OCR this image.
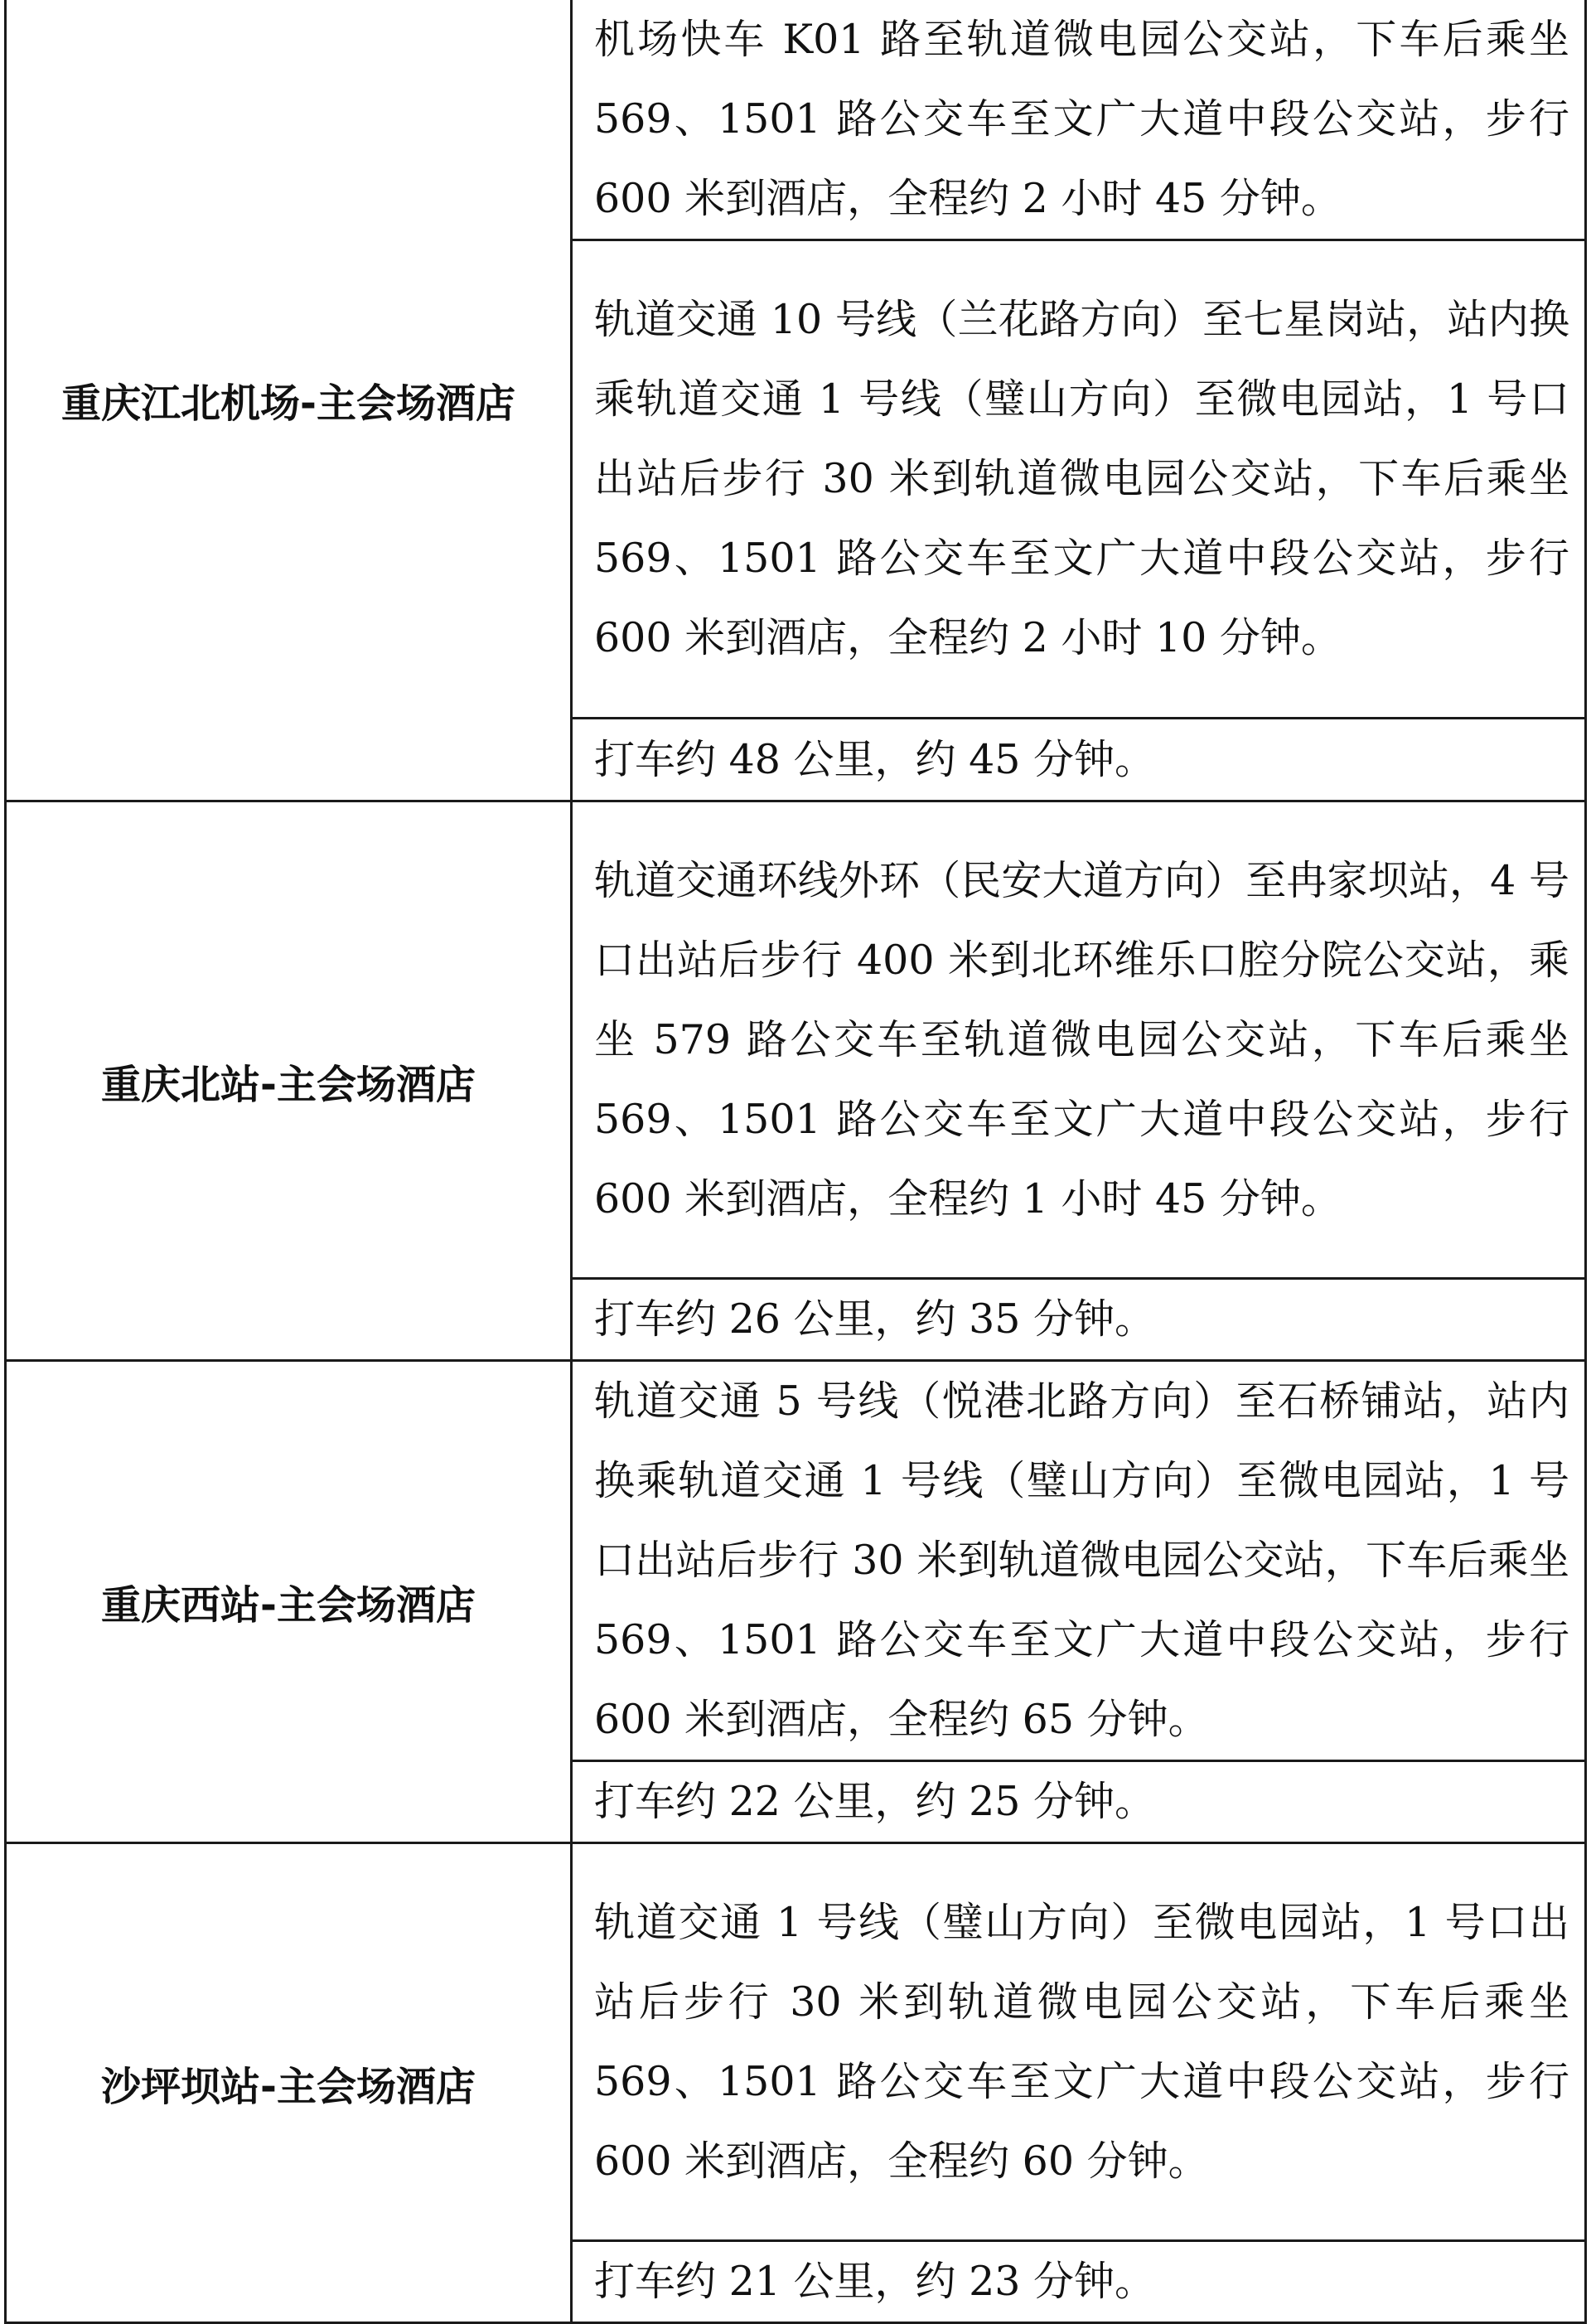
重庆江北机场-主会场酒店	机场快车 K01 路至轨道微电园公交站，下车后乘坐 569、1501 路公交车至文广大道中段公交站，步行 600 米到酒店，全程约 2 小时 45 分钟。
	轨道交通 10 号线（兰花路方向）至七星岗站，站内换乘轨道交通 1 号线（璧山方向）至微电园站，1 号口出站后步行 30 米到轨道微电园公交站，下车后乘坐 569、1501 路公交车至文广大道中段公交站，步行 600 米到酒店，全程约 2 小时 10 分钟。
	打车约 48 公里，约 45 分钟。
重庆北站-主会场酒店	轨道交通环线外环（民安大道方向）至冉家坝站，4 号口出站后步行 400 米到北环维乐口腔分院公交站，乘坐 579 路公交车至轨道微电园公交站，下车后乘坐 569、1501 路公交车至文广大道中段公交站，步行 600 米到酒店，全程约 1 小时 45 分钟。
	打车约 26 公里，约 35 分钟。
重庆西站-主会场酒店	轨道交通 5 号线（悦港北路方向）至石桥铺站，站内换乘轨道交通 1 号线（璧山方向）至微电园站，1 号口出站后步行 30 米到轨道微电园公交站，下车后乘坐 569、1501 路公交车至文广大道中段公交站，步行 600 米到酒店，全程约 65 分钟。
	打车约 22 公里，约 25 分钟。
沙坪坝站-主会场酒店	轨道交通 1 号线（璧山方向）至微电园站，1 号口出站后步行 30 米到轨道微电园公交站，下车后乘坐 569、1501 路公交车至文广大道中段公交站，步行 600 米到酒店，全程约 60 分钟。
	打车约 21 公里，约 23 分钟。
